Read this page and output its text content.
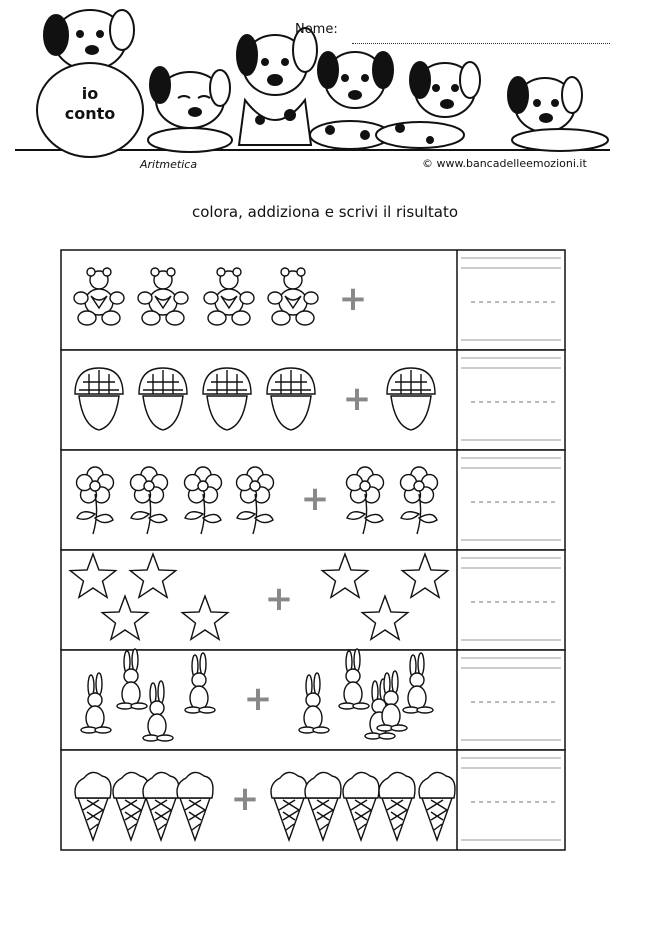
Nome:
io
conto
Aritmetica	© www.bancadelleemozioni.it
colora, addiziona e scrivi il risultato
+
+
+
+
+
+
